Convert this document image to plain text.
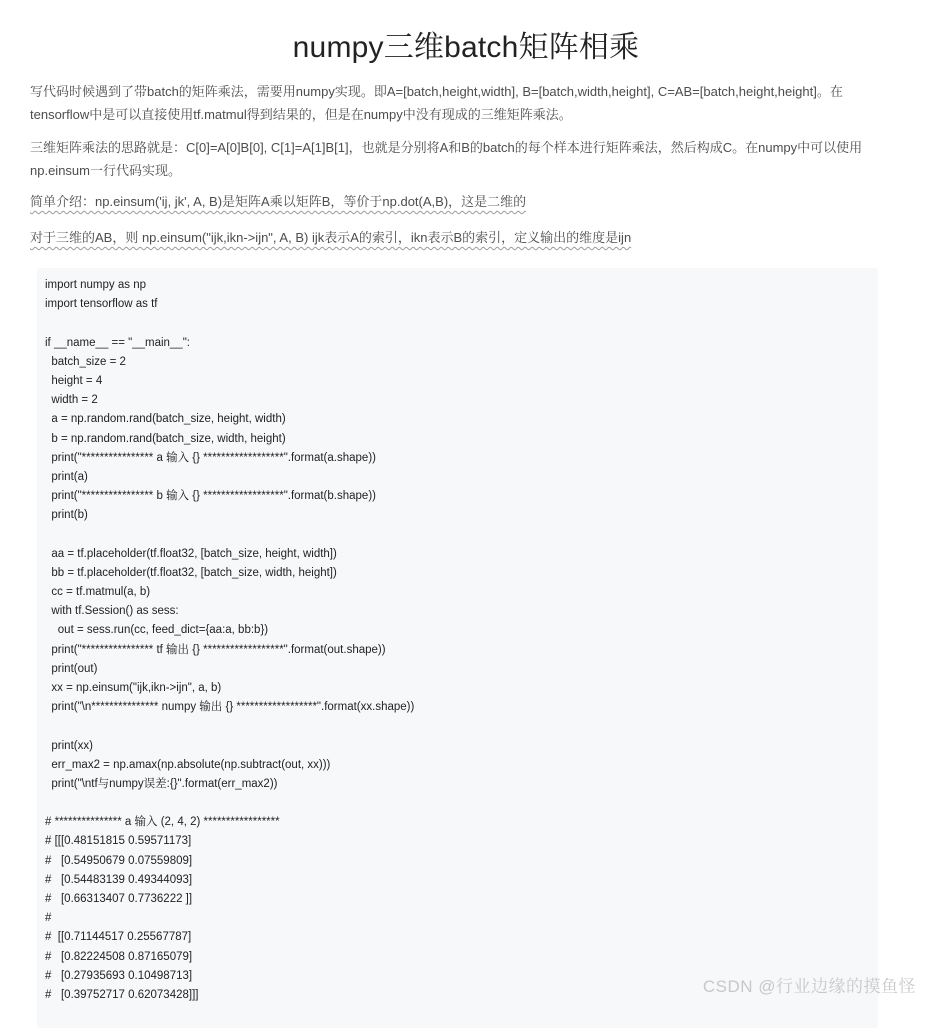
numpy三维batch矩阵相乘

写代码时候遇到了带batch的矩阵乘法，需要用numpy实现。即A=[batch,height,width], B=[batch,width,height], C=AB=[batch,height,height]。在tensorflow中是可以直接使用tf.matmul得到结果的，但是在numpy中没有现成的三维矩阵乘法。

三维矩阵乘法的思路就是：C[0]=A[0]B[0], C[1]=A[1]B[1]，也就是分别将A和B的batch的每个样本进行矩阵乘法，然后构成C。在numpy中可以使用np.einsum一行代码实现。

简单介绍：np.einsum('ij, jk', A, B)是矩阵A乘以矩阵B，等价于np.dot(A,B)，这是二维的

对于三维的AB，则 np.einsum("ijk,ikn->ijn", A, B) ijk表示A的索引，ikn表示B的索引，定义输出的维度是ijn

import numpy as np
import tensorflow as tf
if __name__ == "__main__":
batch_size = 2
height = 4
width = 2
a = np.random.rand(batch_size, height, width)
b = np.random.rand(batch_size, width, height)
print("**************** a 输入 {} ******************".format(a.shape))
print(a)
print("**************** b 输入 {} ******************".format(b.shape))
print(b)
aa = tf.placeholder(tf.float32, [batch_size, height, width])
bb = tf.placeholder(tf.float32, [batch_size, width, height])
cc = tf.matmul(a, b)
with tf.Session() as sess:
out = sess.run(cc, feed_dict={aa:a, bb:b})
print("**************** tf 输出 {} ******************".format(out.shape))
print(out)
xx = np.einsum("ijk,ikn->ijn", a, b)
print("\n*************** numpy 输出 {} ******************".format(xx.shape))
print(xx)
err_max2 = np.amax(np.absolute(np.subtract(out, xx)))
print("\ntf与numpy误差:{}".format(err_max2))
# *************** a 输入 (2, 4, 2) *****************
# [[[0.48151815 0.59571173]
#   [0.54950679 0.07559809]
#   [0.54483139 0.49344093]
#   [0.66313407 0.7736222 ]]
#
#  [[0.71144517 0.25567787]
#   [0.82224508 0.87165079]
#   [0.27935693 0.10498713]
#   [0.39752717 0.62073428]]]	CSDN @行业边缘的摸鱼怪
